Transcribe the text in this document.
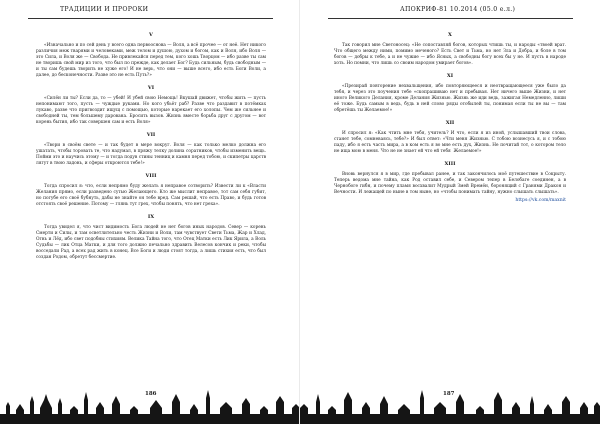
ТРАДИЦИИ И ПРОРОКИ
V

«Изначально и по сей день у всего одна первооснова — Воля, а всё прочее — от неё. Нет никого различия меж тварями и человеками, меж телом и душою, духом и богом, как и Воля, ибо Воля — это Сила, и Воля же — Свобода. Не привлекайся перед тем, кого хошь Творцом — ибо разве ты сам не творишь свой мир из того, что был по прежде, как делает Бог? Будь сильным, будь свободным — и ты сам будешь творить не хуже его! И не верь, что они — выше всего, ибо есть Боги Воли, а далее, до бесконечности. Разве это не есть Путь?»

VI

«Силён ли ты? Если да, то — убей! И убей свою Немощь! Вкушай движет, чтобы жить — пусть непонимают того, пусть — чуждые руками. Но кого убьёт раб? Разве что раздавит в потёмках лукаво, разве что пригвоздит ищущ с помощью, которые нарекает его холопы. Чем же сильнее и свободней ты, тем большему дарована. Бросить вызов. Жизнь вместе борьба друг с другом — вот корень бытия, ибо так совершен сам и есть Воля»

VII

«Твори в своём свете — и так будет в мере вокруг. Воля — как только мелко должна его ушатать, чтобы торовать те, что надумал, в пряжу телку долина соратников, чтобы изменить вещь. Пойми это и научись этому — и тогда подув стины тенниц и камня перед тобою, и скипетры царств лягут в твою ладонь, и сферы откроются тебе!»

VIII

Тогда спросил я: что, если непрямо буду желать я неправое сотворить? Извести ли к «Власти Желания прямо, если разведено сутью Желающего. Кто же мыслит неправое, тот сам себя губит, но погубе его своё бубнуть, дабы не знайте он тебе вред. Сам решай, что есть Право, и будь готов отстоять своё решение. Потому — глянь тут грех, чтобы понять, что нет греха».

IX

Тогда увидел я, что чист видимость Бога людей не нет богов иных народов. Север — корень Смерти и Силы, и там осветлительно честь Жизни и Воли, там чувствует Свети Тьма, Жар и Хлад, Огнь и Лёд, ибо свет подобны стихиям. Велика Тайна того, что Отец Матки есть Лик Ярила, а Воль Судьбы — лик Отца Матки, и для того должно печально здравить Велесов кончик и реки, чтобы восседали Рад, а всех рад жить в конец. Все Боги и люди стоят тогда, а лишь стихия есть, что был создан Родом, обретут бессмертие.

186
АПОКРИФ-81 10.2014 (05.0 е.л.)
X

Так говорил мне Светоносец: «Не сопоставляй богов, которых чтишь ты, и народы «твоей врат. Что общего между ними, помимо меченого? Есть Свет и Тьма, но нет Зла и Добра, и боле в том богов — добры к тебе, а и не чужие — ибо Ясных, а свободны богу всех бы у не. И пусть в народе хоть. Но помни, что лишь со своим народом умирает богов».

XI

«Презирай повторение нехвальщения, ибо повторяющееся и неотвращающееся уже было да тебя, и через это поучения тебе «скопрашиваю нет и пребывая. Нет ничего выше Жизни, и нет иного Великого Делания, кроме Делания Жизнью. Жизнь же иди ведь, зажигая Немедленно, лиши её тоже. Будь самым в ведь, будь в ней слово ряды отобылей ты, понимая если ты не вы — там обретёшь ты Желаемое!»

XII

И спросил я: «Как чтить мне тебя, учитель? И что, если я из иной, услышавший твои слова, станет тебе, сомневаясь, тебе?» И был ответ: «Чти меня Жизнью. С тобою вознесусь я, и с тобою паду, ибо я есть часть мира, а в ком есть я во мне есть дух, Жизнь. Не почитай тот, о котором тело не ища мою в меня. Что не не знает ей что ей тебя Желаемое!»

XIII

Вновь вернулся я в мир, где пребывал ранее, и так закончилось моё путешествие в Сокрыту. Теперь ведома мне тайна, как Род оставил себе, и Севером тепер в Белобаге соединен, а в Чернобоге гибн, и почему пламя восхвалит Мудрый Змей Времён, боронящий с Гранями Дракон и Вечности. И лежащей по ныне в том ныне, но «чтобы понимать тайну, нужно слышать слышать».

https://vk.com/maxnit
187
